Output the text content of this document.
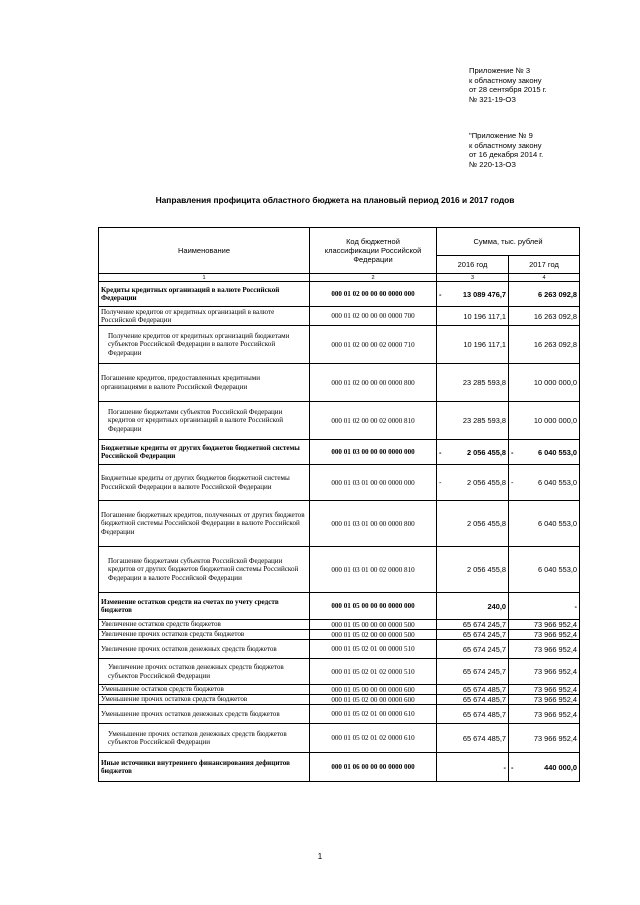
Приложение № 3
к областному закону
от 28 сентября 2015 г.
№ 321-19-ОЗ
"Приложение № 9
к областному закону
от 16 декабря 2014 г.
№ 220-13-ОЗ
Направления профицита областного бюджета на плановый период 2016 и 2017 годов
Наименование	Код бюджетной классификации Российской Федерации	Сумма, тыс. рублей	
		2016 год	2017 год
1	2	3	4
Кредиты кредитных организаций в валюте Российской Федерации	000 01 02 00 00 00 0000 000	- 13 089 476,7	6 263 092,8
Получение кредитов от кредитных организаций в валюте Российской Федерации	000 01 02 00 00 00 0000 700	10 196 117,1	16 263 092,8
Получение кредитов от кредитных организаций бюджетами субъектов Российской Федерации в валюте Российской Федерации	000 01 02 00 00 02 0000 710	10 196 117,1	16 263 092,8
Погашение кредитов, предоставленных кредитными организациями в валюте Российской Федерации	000 01 02 00 00 00 0000 800	23 285 593,8	10 000 000,0
Погашение бюджетами субъектов Российской Федерации кредитов от кредитных организаций в валюте Российской Федерации	000 01 02 00 00 02 0000 810	23 285 593,8	10 000 000,0
Бюджетные кредиты от других бюджетов бюджетной системы Российской Федерации	000 01 03 00 00 00 0000 000	- 2 056 455,8	- 6 040 553,0
Бюджетные кредиты от других бюджетов бюджетной системы Российской Федерации в валюте Российской Федерации	000 01 03 01 00 00 0000 000	- 2 056 455,8	- 6 040 553,0
Погашение бюджетных кредитов, полученных от других бюджетов бюджетной системы Российской Федерации в валюте Российской Федерации	000 01 03 01 00 00 0000 800	2 056 455,8	6 040 553,0
Погашение бюджетами субъектов Российской Федерации кредитов от других бюджетов бюджетной системы Российской Федерации в валюте Российской Федерации	000 01 03 01 00 02 0000 810	2 056 455,8	6 040 553,0
Изменение остатков средств на счетах по учету средств бюджетов	000 01 05 00 00 00 0000 000	240,0	-
Увеличение остатков средств бюджетов	000 01 05 00 00 00 0000 500	65 674 245,7	73 966 952,4
Увеличение прочих остатков средств бюджетов	000 01 05 02 00 00 0000 500	65 674 245,7	73 966 952,4
Увеличение прочих остатков денежных средств бюджетов	000 01 05 02 01 00 0000 510	65 674 245,7	73 966 952,4
Увеличение прочих остатков денежных средств бюджетов субъектов Российской Федерации	000 01 05 02 01 02 0000 510	65 674 245,7	73 966 952,4
Уменьшение остатков средств бюджетов	000 01 05 00 00 00 0000 600	65 674 485,7	73 966 952,4
Уменьшение прочих остатков средств бюджетов	000 01 05 02 00 00 0000 600	65 674 485,7	73 966 952,4
Уменьшение прочих остатков денежных средств бюджетов	000 01 05 02 01 00 0000 610	65 674 485,7	73 966 952,4
Уменьшение прочих остатков денежных средств бюджетов субъектов Российской Федерации	000 01 05 02 01 02 0000 610	65 674 485,7	73 966 952,4
Иные источники внутреннего финансирования дефицитов бюджетов	000 01 06 00 00 00 0000 000	-	- 440 000,0
1
